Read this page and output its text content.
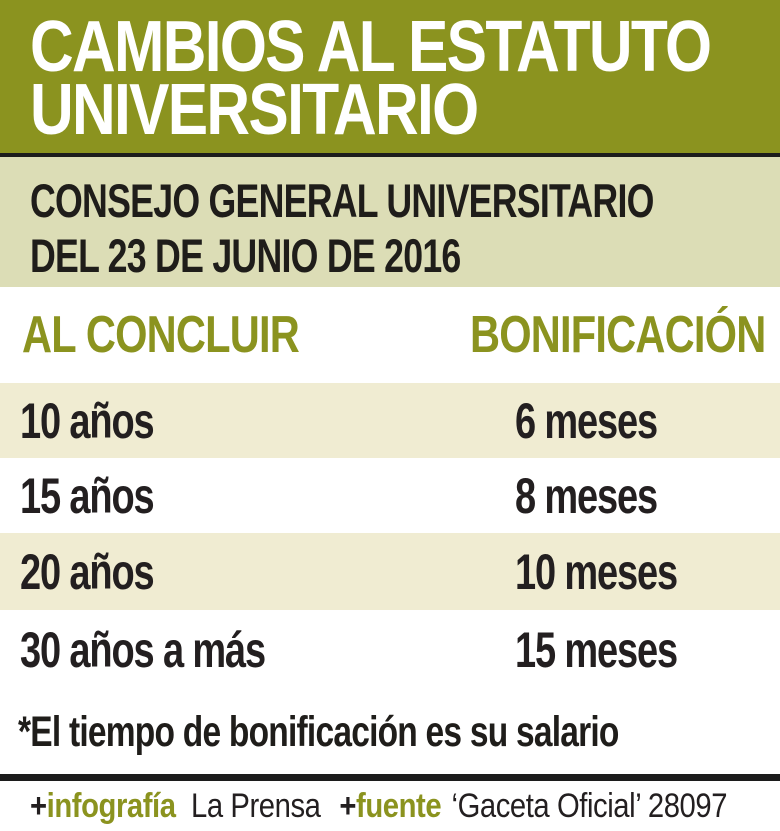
CAMBIOS AL ESTATUTO
UNIVERSITARIO
CONSEJO GENERAL UNIVERSITARIO
DEL 23 DE JUNIO DE 2016
AL CONCLUIR	BONIFICACIÓN
10 años	6 meses
15 años	8 meses
20 años	10 meses
30 años a más	15 meses

*El tiempo de bonificación es su salario

+infografía La Prensa +fuente ‘Gaceta Oficial’ 28097
